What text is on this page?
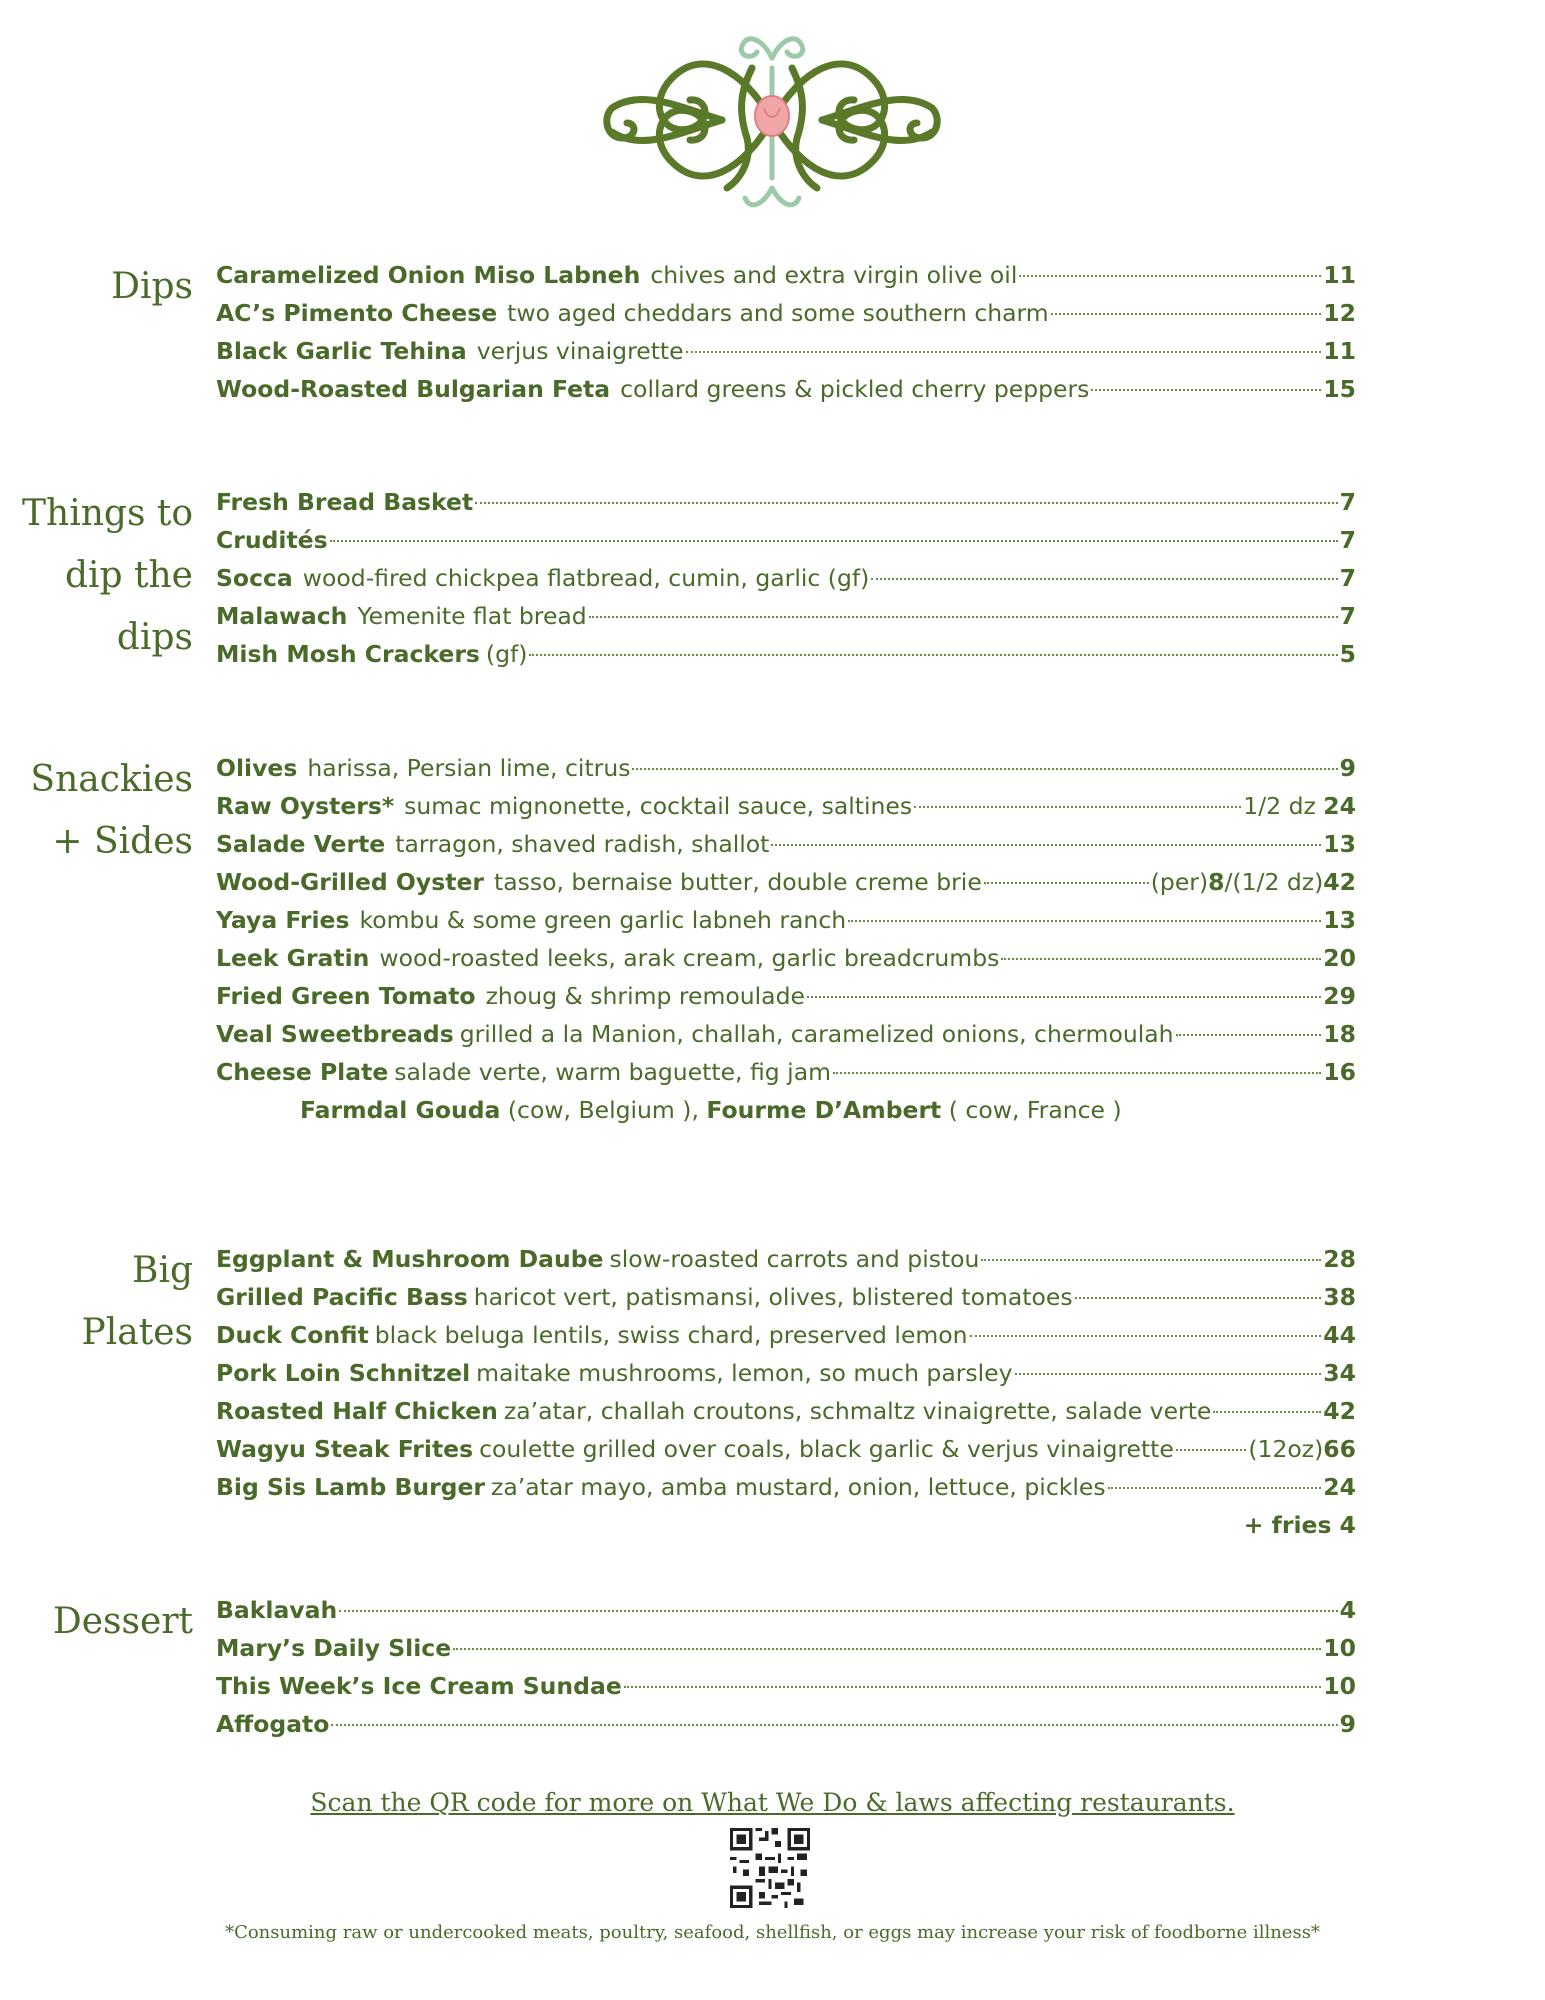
Dips Caramelized Onion Miso Labneh chives and extra virgin olive oil	11
AC’s Pimento Cheese two aged cheddars and some southern charm	12
Black Garlic Tehina verjus vinaigrette	11
Wood-Roasted Bulgarian Feta collard greens & pickled cherry peppers	15
Things to
dip the
dips
Fresh Bread Basket	7
Crudités	7
Socca wood-fired chickpea flatbread, cumin, garlic (gf)	7
Malawach Yemenite flat bread	7
Mish Mosh Crackers (gf)	5
Snackies
+ Sides
Olives harissa, Persian lime, citrus	9
Raw Oysters* sumac mignonette, cocktail sauce, saltines	1/2 dz 24
Salade Verte tarragon, shaved radish, shallot	13
Wood-Grilled Oyster tasso, bernaise butter, double creme brie	(per) 8 /(1/2 dz) 42
Yaya Fries kombu & some green garlic labneh ranch	13
Leek Gratin wood-roasted leeks, arak cream, garlic breadcrumbs	20
Fried Green Tomato zhoug & shrimp remoulade	29
Veal Sweetbreads grilled a la Manion, challah, caramelized onions, chermoulah	18
Cheese Plate salade verte, warm baguette, fig jam	16
Farmdal Gouda (cow, Belgium ), Fourme D’Ambert ( cow, France )
Big
Plates
Eggplant & Mushroom Daube slow-roasted carrots and pistou	28
Grilled Pacific Bass haricot vert, patismansi, olives, blistered tomatoes	38
Duck Confit black beluga lentils, swiss chard, preserved lemon	44
Pork Loin Schnitzel maitake mushrooms, lemon, so much parsley	34
Roasted Half Chicken za’atar, challah croutons, schmaltz vinaigrette, salade verte	42
Wagyu Steak Frites coulette grilled over coals, black garlic & verjus vinaigrette	(12oz) 66
Big Sis Lamb Burger za’atar mayo, amba mustard, onion, lettuce, pickles	24
+ fries 4
Dessert Baklavah	4
Mary’s Daily Slice	10
This Week’s Ice Cream Sundae	10
Affogato	9
Scan the QR code for more on What We Do & laws affecting restaurants.
*Consuming raw or undercooked meats, poultry, seafood, shellfish, or eggs may increase your risk of foodborne illness*
